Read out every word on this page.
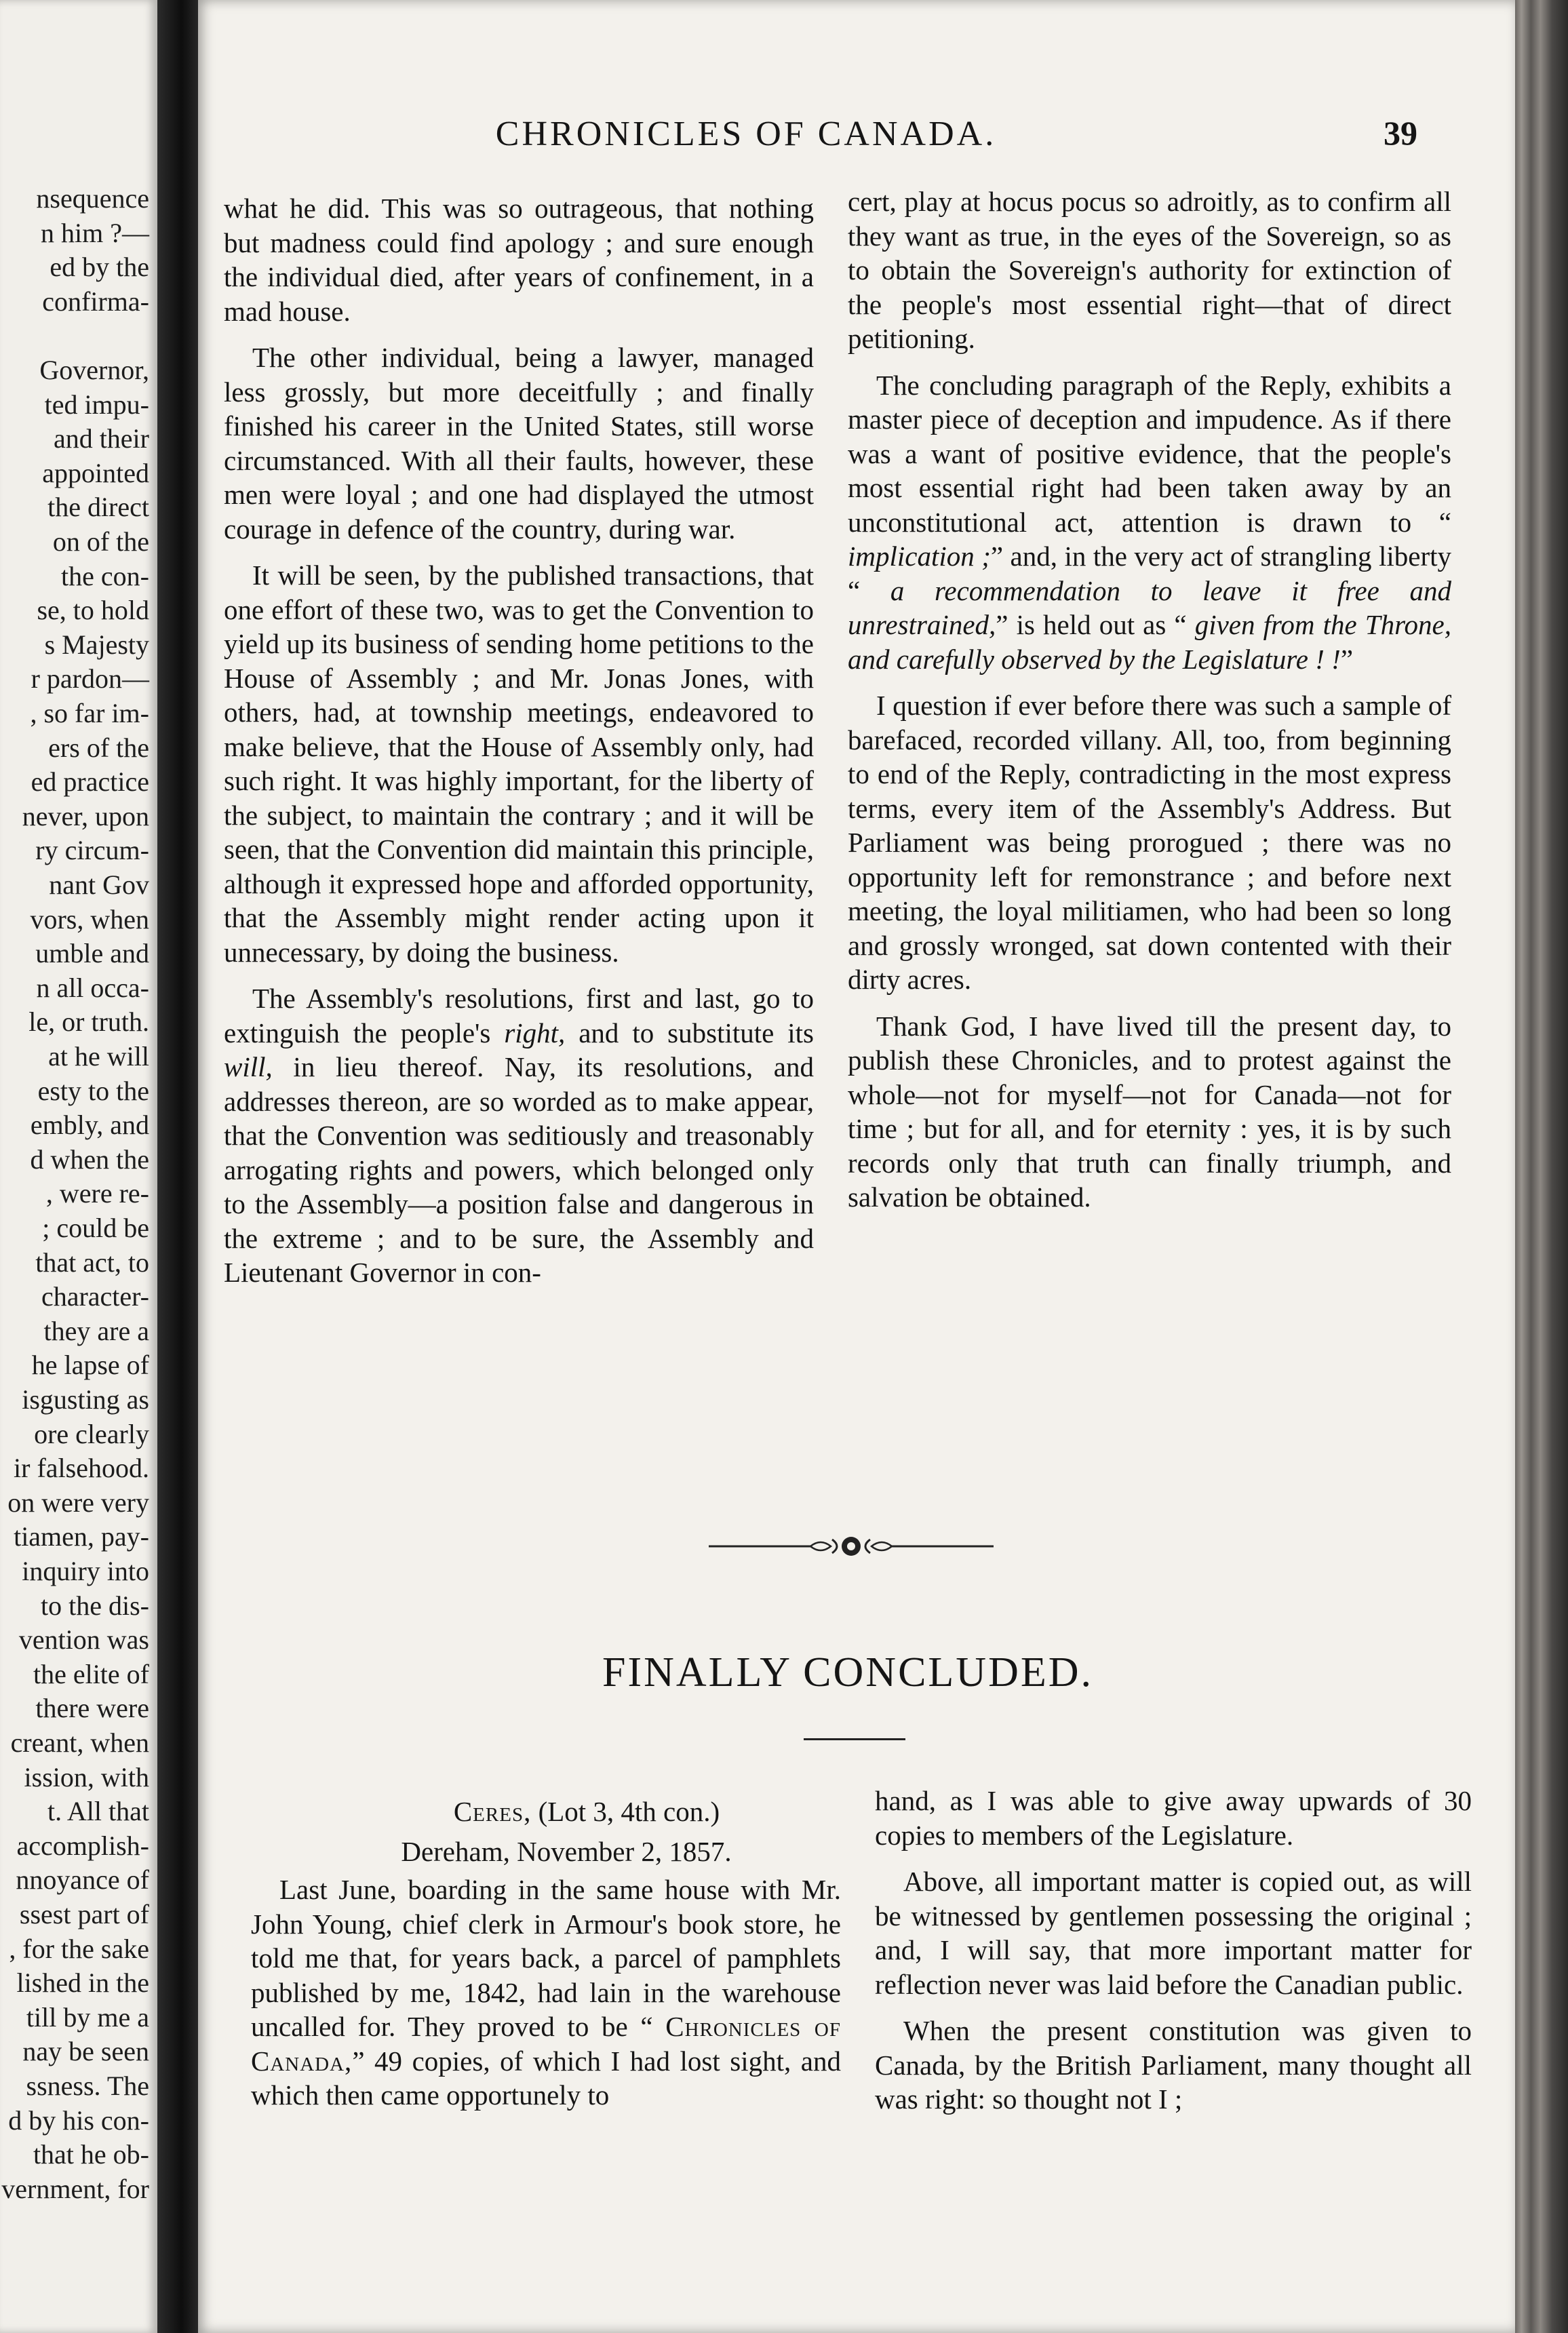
nsequence
n him ?—
ed by the
confirma-
Governor,
ted impu-
and their
appointed
the direct
on of the
the con-
se, to hold
s Majesty
r pardon—
, so far im-
ers of the
ed practice
never, upon
ry circum-
nant Gov
vors, when
umble and
n all occa-
le, or truth.
at he will
esty to the
embly, and
d when the
, were re-
; could be
that act, to
character-
they are a
he lapse of
isgusting as
ore clearly
ir falsehood.
on were very
tiamen, pay-
inquiry into
to the dis-
vention was
the elite of
there were
creant, when
ission, with
t. All that
accomplish-
nnoyance of
ssest part of
, for the sake
lished in the
till by me a
nay be seen
ssness. The
d by his con-
that he ob-
vernment, for
CHRONICLES OF CANADA.	39

what he did. This was so outrageous, that nothing but madness could find apology ; and sure enough the individual died, after years of confinement, in a mad house.

The other individual, being a lawyer, managed less grossly, but more deceitfully ; and finally finished his career in the United States, still worse circumstanced. With all their faults, however, these men were loyal ; and one had displayed the utmost courage in defence of the country, during war.

It will be seen, by the published transactions, that one effort of these two, was to get the Convention to yield up its business of sending home petitions to the House of Assembly ; and Mr. Jonas Jones, with others, had, at township meetings, endeavored to make believe, that the House of Assembly only, had such right. It was highly important, for the liberty of the subject, to maintain the contrary ; and it will be seen, that the Convention did maintain this principle, although it expressed hope and afforded opportunity, that the Assembly might render acting upon it unnecessary, by doing the business.

The Assembly's resolutions, first and last, go to extinguish the people's right, and to substitute its will, in lieu thereof. Nay, its resolutions, and addresses thereon, are so worded as to make appear, that the Convention was seditiously and treasonably arrogating rights and powers, which belonged only to the Assembly—a position false and dangerous in the extreme ; and to be sure, the Assembly and Lieutenant Governor in con-

cert, play at hocus pocus so adroitly, as to confirm all they want as true, in the eyes of the Sovereign, so as to obtain the Sovereign's authority for extinction of the people's most essential right—that of direct petitioning.

The concluding paragraph of the Reply, exhibits a master piece of deception and impudence. As if there was a want of positive evidence, that the people's most essential right had been taken away by an unconstitutional act, attention is drawn to “ implication ;” and, in the very act of strangling liberty “ a recommendation to leave it free and unrestrained,” is held out as “ given from the Throne, and carefully observed by the Legislature ! !”

I question if ever before there was such a sample of barefaced, recorded villany. All, too, from beginning to end of the Reply, contradicting in the most express terms, every item of the Assembly's Address. But Parliament was being prorogued ; there was no opportunity left for remonstrance ; and before next meeting, the loyal militiamen, who had been so long and grossly wronged, sat down contented with their dirty acres.

Thank God, I have lived till the present day, to publish these Chronicles, and to protest against the whole—not for myself—not for Canada—not for time ; but for all, and for eternity : yes, it is by such records only that truth can finally triumph, and salvation be obtained.

FINALLY CONCLUDED.

Ceres, (Lot 3, 4th con.)

Dereham, November 2, 1857.

Last June, boarding in the same house with Mr. John Young, chief clerk in Armour's book store, he told me that, for years back, a parcel of pamphlets published by me, 1842, had lain in the warehouse uncalled for. They proved to be “ Chronicles of Canada,” 49 copies, of which I had lost sight, and which then came opportunely to

hand, as I was able to give away upwards of 30 copies to members of the Legislature.

Above, all important matter is copied out, as will be witnessed by gentlemen possessing the original ; and, I will say, that more important matter for reflection never was laid before the Canadian public.

When the present constitution was given to Canada, by the British Parliament, many thought all was right: so thought not I ;
